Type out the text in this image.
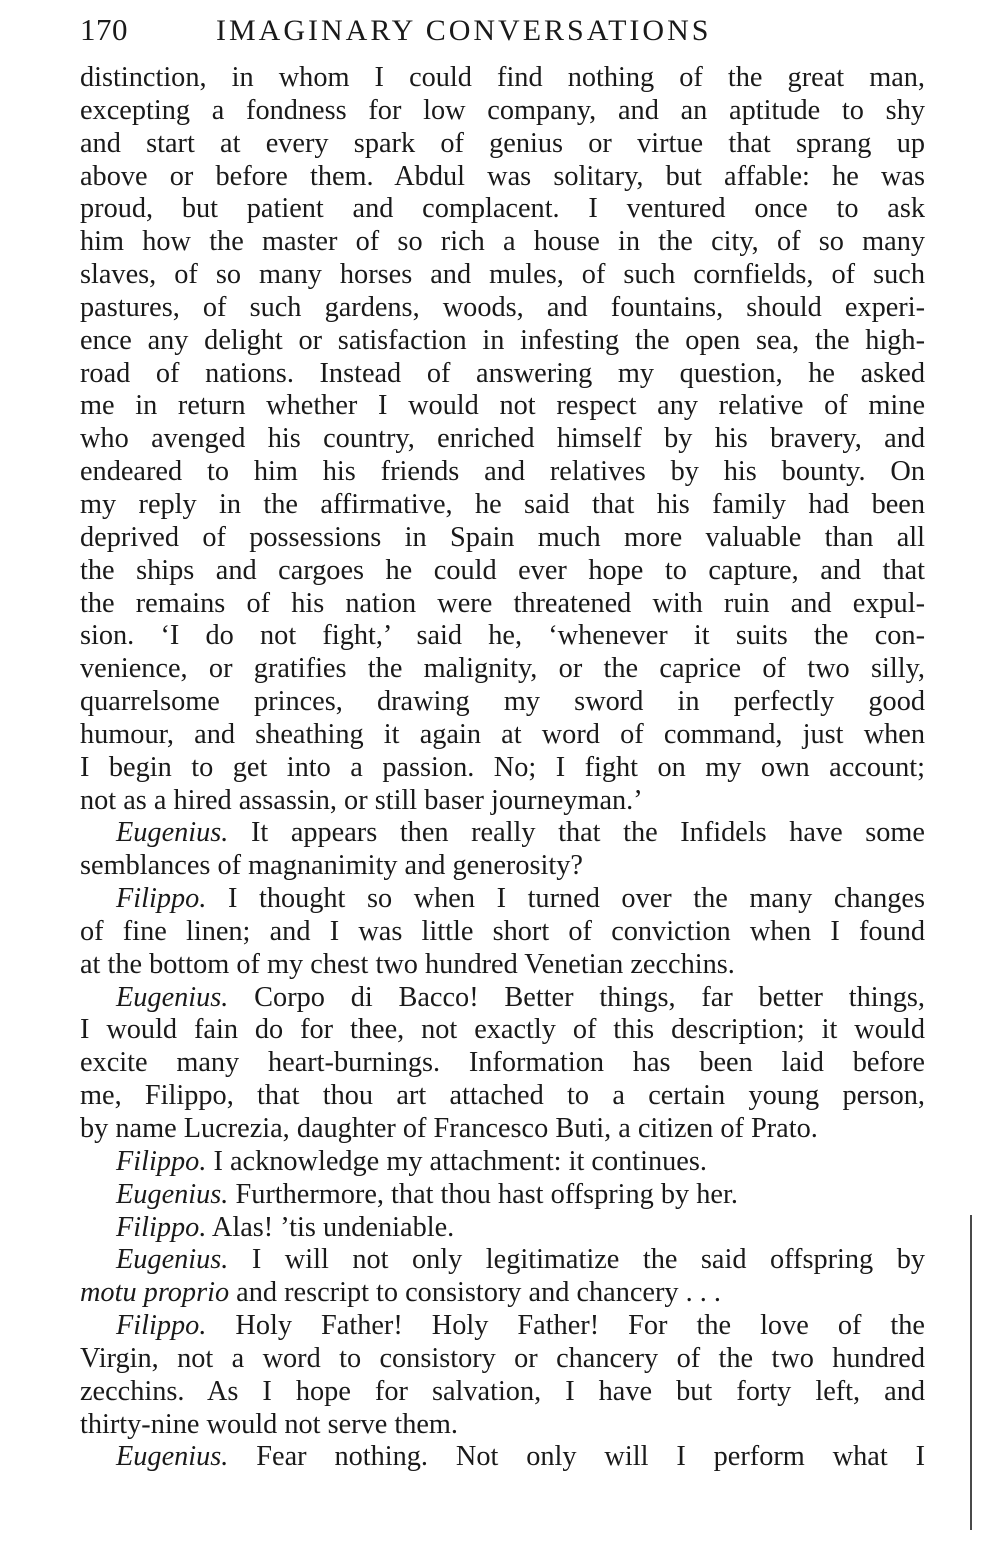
170	IMAGINARY CONVERSATIONS
distinction, in whom I could find nothing of the great man,
excepting a fondness for low company, and an aptitude to shy
and start at every spark of genius or virtue that sprang up
above or before them. Abdul was solitary, but affable: he was
proud, but patient and complacent. I ventured once to ask
him how the master of so rich a house in the city, of so many
slaves, of so many horses and mules, of such cornfields, of such
pastures, of such gardens, woods, and fountains, should experi-
ence any delight or satisfaction in infesting the open sea, the high-
road of nations. Instead of answering my question, he asked
me in return whether I would not respect any relative of mine
who avenged his country, enriched himself by his bravery, and
endeared to him his friends and relatives by his bounty. On
my reply in the affirmative, he said that his family had been
deprived of possessions in Spain much more valuable than all
the ships and cargoes he could ever hope to capture, and that
the remains of his nation were threatened with ruin and expul-
sion. ‘I do not fight,’ said he, ‘whenever it suits the con-
venience, or gratifies the malignity, or the caprice of two silly,
quarrelsome princes, drawing my sword in perfectly good
humour, and sheathing it again at word of command, just when
I begin to get into a passion. No; I fight on my own account;
not as a hired assassin, or still baser journeyman.’
Eugenius. It appears then really that the Infidels have some
semblances of magnanimity and generosity?
Filippo. I thought so when I turned over the many changes
of fine linen; and I was little short of conviction when I found
at the bottom of my chest two hundred Venetian zecchins.
Eugenius. Corpo di Bacco! Better things, far better things,
I would fain do for thee, not exactly of this description; it would
excite many heart-burnings. Information has been laid before
me, Filippo, that thou art attached to a certain young person,
by name Lucrezia, daughter of Francesco Buti, a citizen of Prato.
Filippo. I acknowledge my attachment: it continues.
Eugenius. Furthermore, that thou hast offspring by her.
Filippo. Alas! ’tis undeniable.
Eugenius. I will not only legitimatize the said offspring by
motu proprio and rescript to consistory and chancery . . .
Filippo. Holy Father! Holy Father! For the love of the
Virgin, not a word to consistory or chancery of the two hundred
zecchins. As I hope for salvation, I have but forty left, and
thirty-nine would not serve them.
Eugenius. Fear nothing. Not only will I perform what I
